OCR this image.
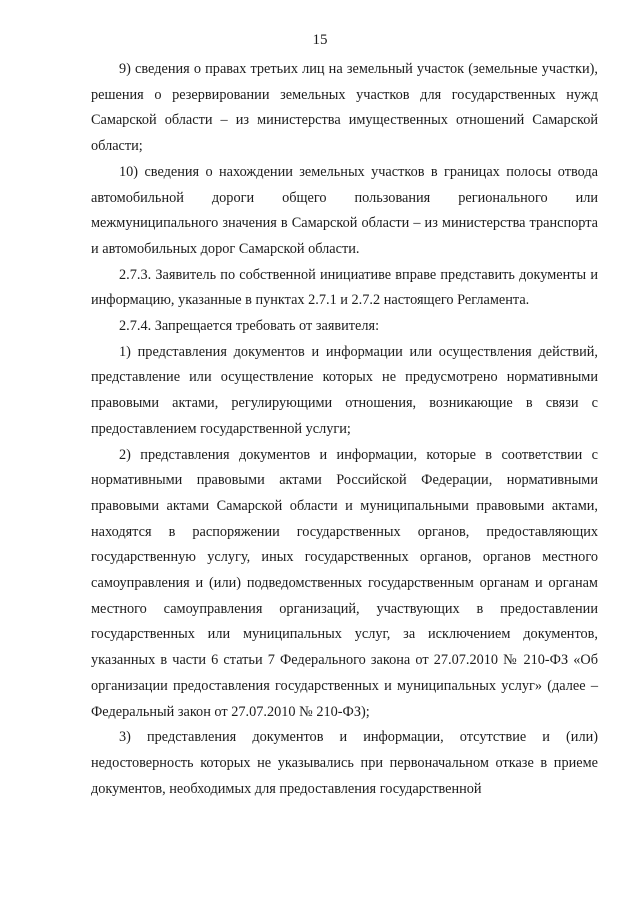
15

9) сведения о правах третьих лиц на земельный участок (земельные участки), решения о резервировании земельных участков для государственных нужд Самарской области – из министерства имущественных отношений Самарской области;

10) сведения о нахождении земельных участков в границах полосы отвода автомобильной дороги общего пользования регионального или межмуниципального значения в Самарской области – из министерства транспорта и автомобильных дорог Самарской области.

2.7.3. Заявитель по собственной инициативе вправе представить документы и информацию, указанные в пунктах 2.7.1 и 2.7.2 настоящего Регламента.

2.7.4. Запрещается требовать от заявителя:

1) представления документов и информации или осуществления действий, представление или осуществление которых не предусмотрено нормативными правовыми актами, регулирующими отношения, возникающие в связи с предоставлением государственной услуги;

2) представления документов и информации, которые в соответствии с нормативными правовыми актами Российской Федерации, нормативными правовыми актами Самарской области и муниципальными правовыми актами, находятся в распоряжении государственных органов, предоставляющих государственную услугу, иных государственных органов, органов местного самоуправления и (или) подведомственных государственным органам и органам местного самоуправления организаций, участвующих в предоставлении государственных или муниципальных услуг, за исключением документов, указанных в части 6 статьи 7 Федерального закона от 27.07.2010 № 210-ФЗ «Об организации предоставления государственных и муниципальных услуг» (далее – Федеральный закон от 27.07.2010 № 210-ФЗ);

3) представления документов и информации, отсутствие и (или) недостоверность которых не указывались при первоначальном отказе в приеме документов, необходимых для предоставления государственной
